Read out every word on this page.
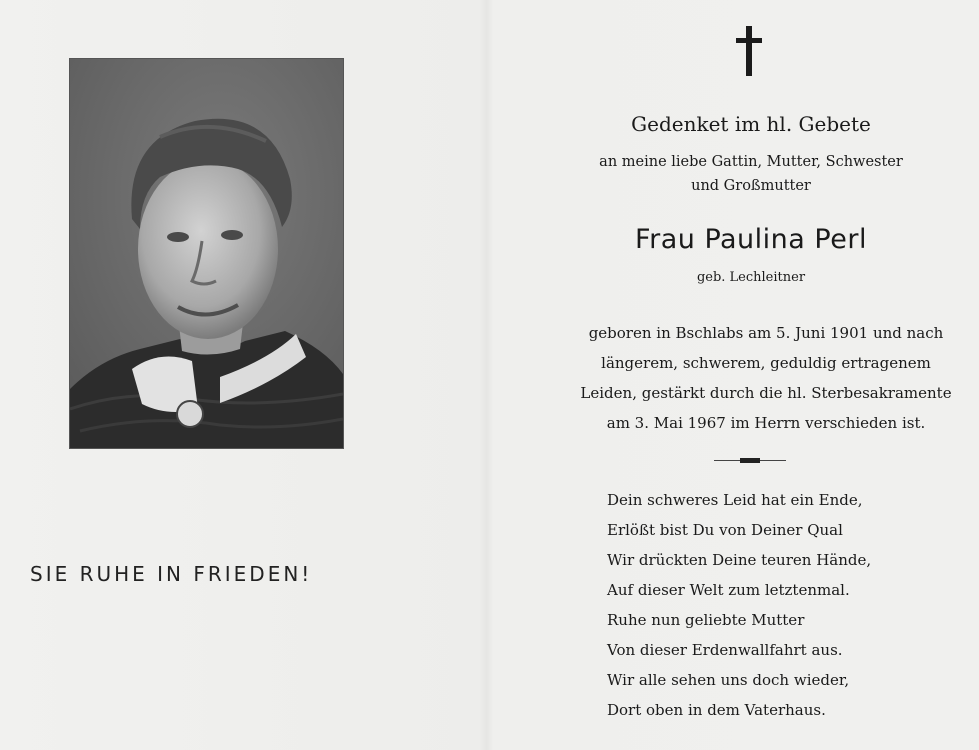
SIE RUHE IN FRIEDEN!
Gedenket im hl. Gebete
an meine liebe Gattin, Mutter, Schwester
und Großmutter
Frau Paulina Perl
geb. Lechleitner
geboren in Bschlabs am 5. Juni 1901 und nach
längerem, schwerem, geduldig ertragenem
Leiden, gestärkt durch die hl. Sterbesakramente
am 3. Mai 1967 im Herrn verschieden ist.
Dein schweres Leid hat ein Ende,
Erlößt bist Du von Deiner Qual
Wir drückten Deine teuren Hände,
Auf dieser Welt zum letztenmal.
Ruhe nun geliebte Mutter
Von dieser Erdenwallfahrt aus.
Wir alle sehen uns doch wieder,
Dort oben in dem Vaterhaus.
